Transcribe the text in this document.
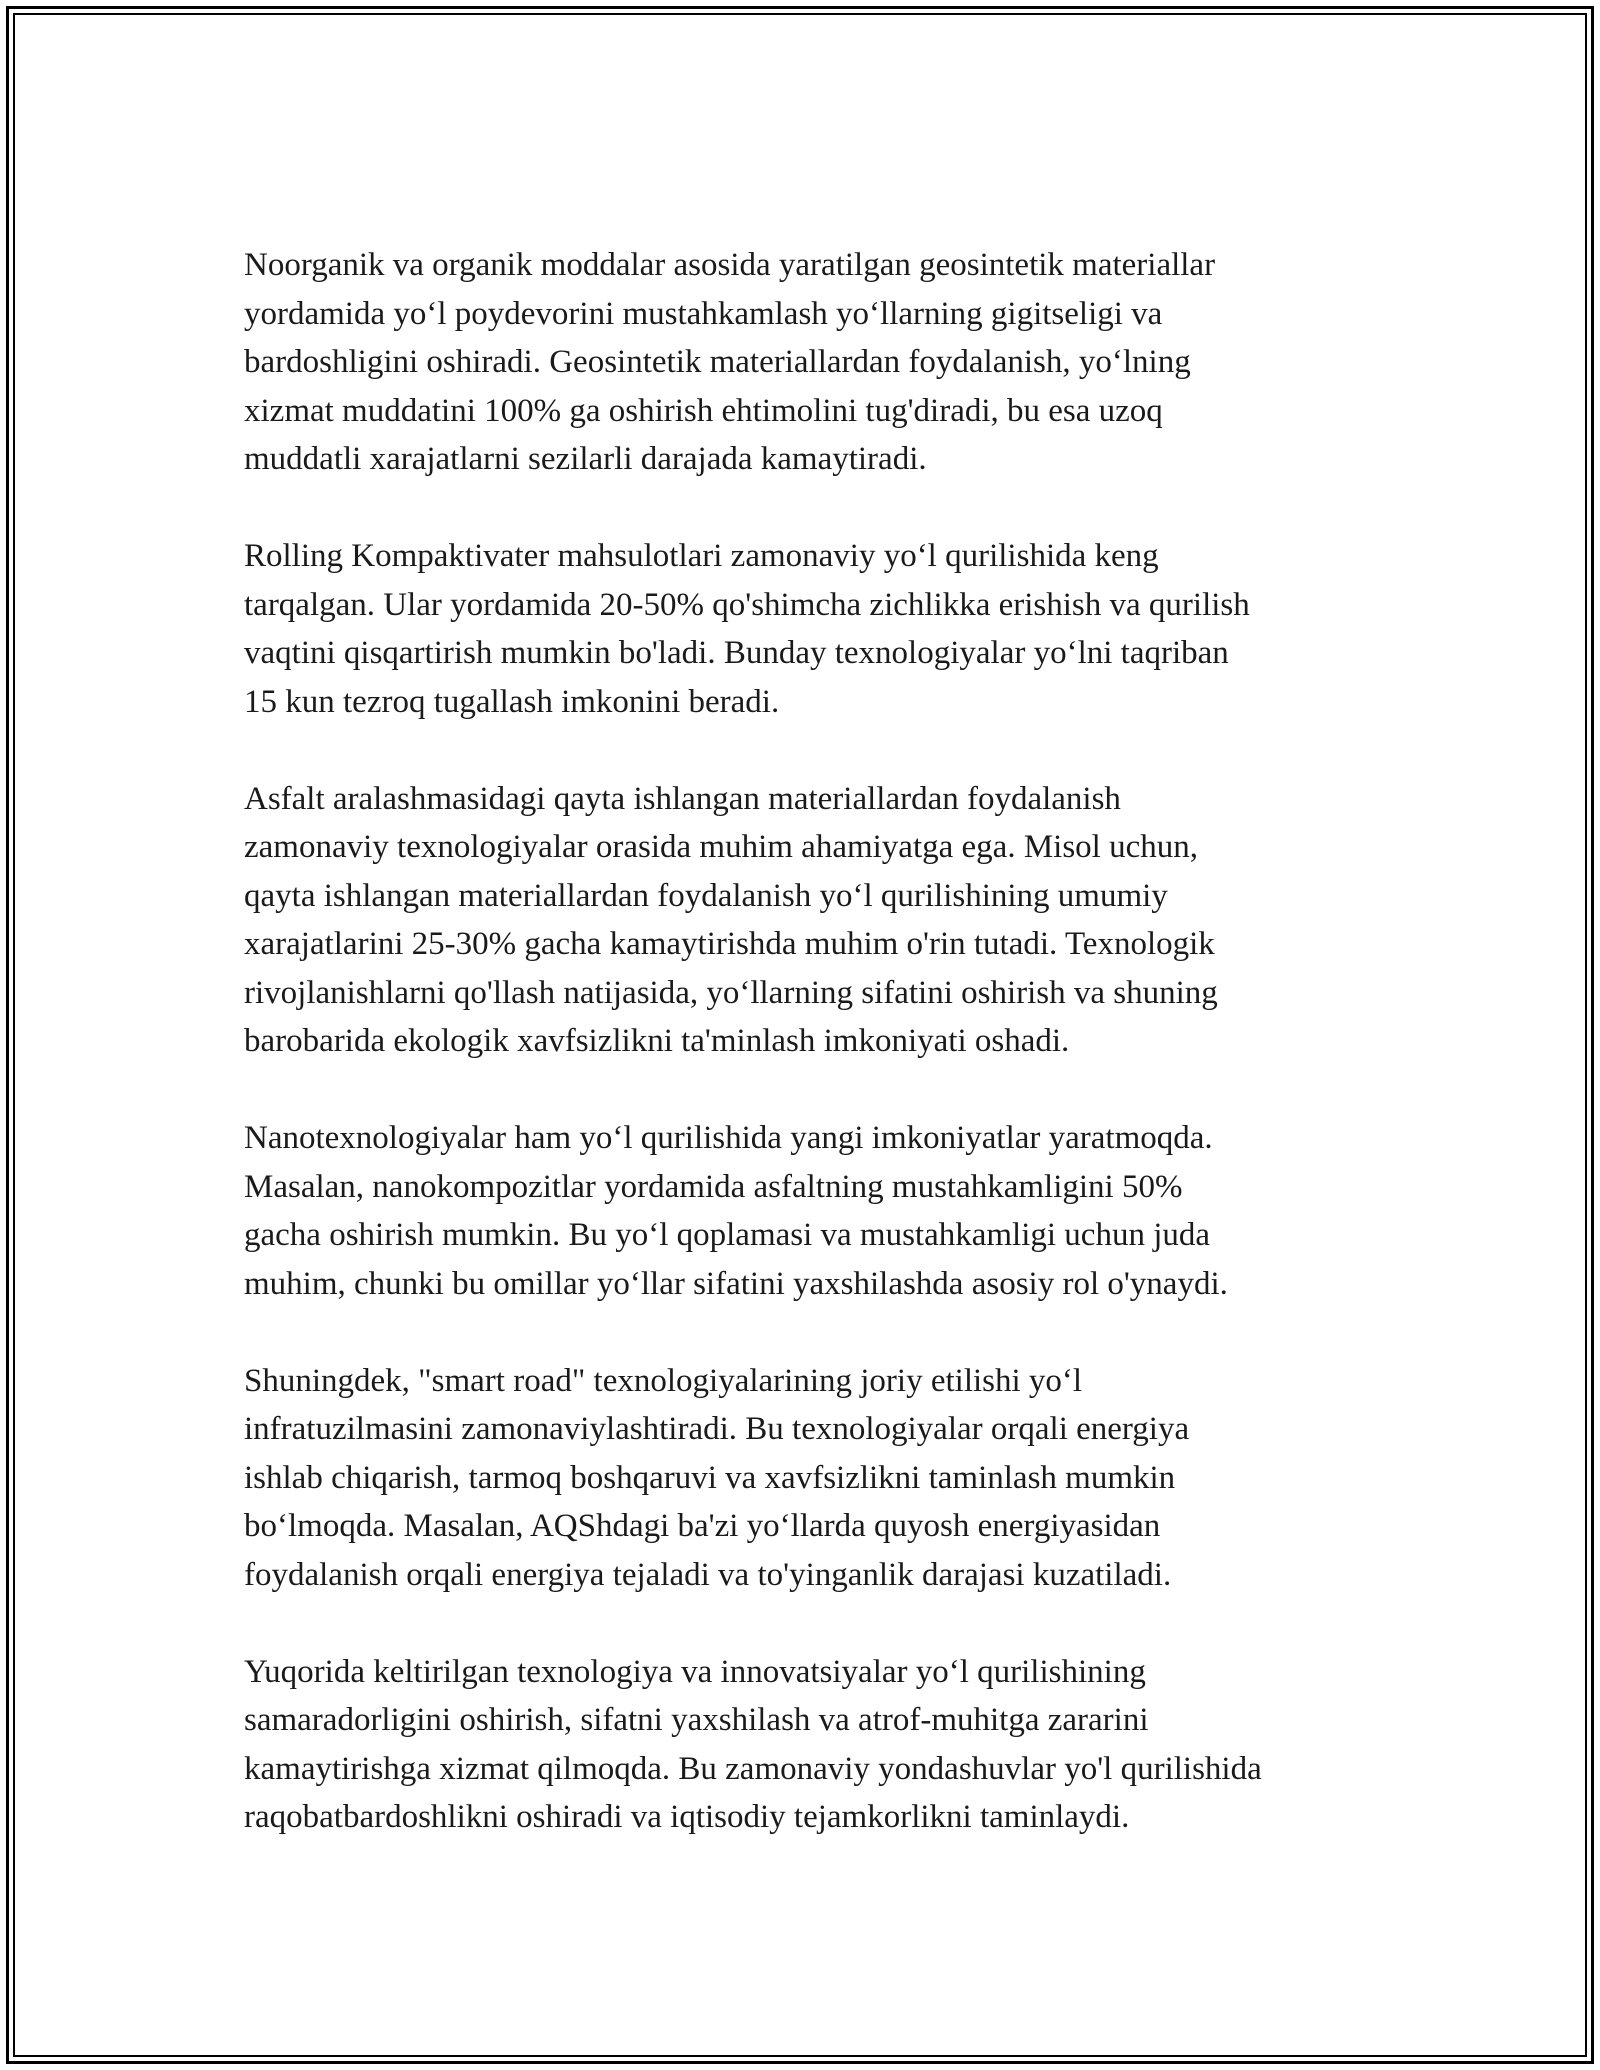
Noorganik va organik moddalar asosida yaratilgan geosintetik materiallar
yordamida yo‘l poydevorini mustahkamlash yo‘llarning gigitseligi va
bardoshligini oshiradi. Geosintetik materiallardan foydalanish, yo‘lning
xizmat muddatini 100% ga oshirish ehtimolini tug'diradi, bu esa uzoq
muddatli xarajatlarni sezilarli darajada kamaytiradi.

Rolling Kompaktivater mahsulotlari zamonaviy yo‘l qurilishida keng
tarqalgan. Ular yordamida 20-50% qo'shimcha zichlikka erishish va qurilish
vaqtini qisqartirish mumkin bo'ladi. Bunday texnologiyalar yo‘lni taqriban
15 kun tezroq tugallash imkonini beradi.

Asfalt aralashmasidagi qayta ishlangan materiallardan foydalanish
zamonaviy texnologiyalar orasida muhim ahamiyatga ega. Misol uchun,
qayta ishlangan materiallardan foydalanish yo‘l qurilishining umumiy
xarajatlarini 25-30% gacha kamaytirishda muhim o'rin tutadi. Texnologik
rivojlanishlarni qo'llash natijasida, yo‘llarning sifatini oshirish va shuning
barobarida ekologik xavfsizlikni ta'minlash imkoniyati oshadi.

Nanotexnologiyalar ham yo‘l qurilishida yangi imkoniyatlar yaratmoqda.
Masalan, nanokompozitlar yordamida asfaltning mustahkamligini 50%
gacha oshirish mumkin. Bu yo‘l qoplamasi va mustahkamligi uchun juda
muhim, chunki bu omillar yo‘llar sifatini yaxshilashda asosiy rol o'ynaydi.

Shuningdek, "smart road" texnologiyalarining joriy etilishi yo‘l
infratuzilmasini zamonaviylashtiradi. Bu texnologiyalar orqali energiya
ishlab chiqarish, tarmoq boshqaruvi va xavfsizlikni taminlash mumkin
bo‘lmoqda. Masalan, AQShdagi ba'zi yo‘llarda quyosh energiyasidan
foydalanish orqali energiya tejaladi va to'yinganlik darajasi kuzatiladi.

Yuqorida keltirilgan texnologiya va innovatsiyalar yo‘l qurilishining
samaradorligini oshirish, sifatni yaxshilash va atrof-muhitga zararini
kamaytirishga xizmat qilmoqda. Bu zamonaviy yondashuvlar yo'l qurilishida
raqobatbardoshlikni oshiradi va iqtisodiy tejamkorlikni taminlaydi.
